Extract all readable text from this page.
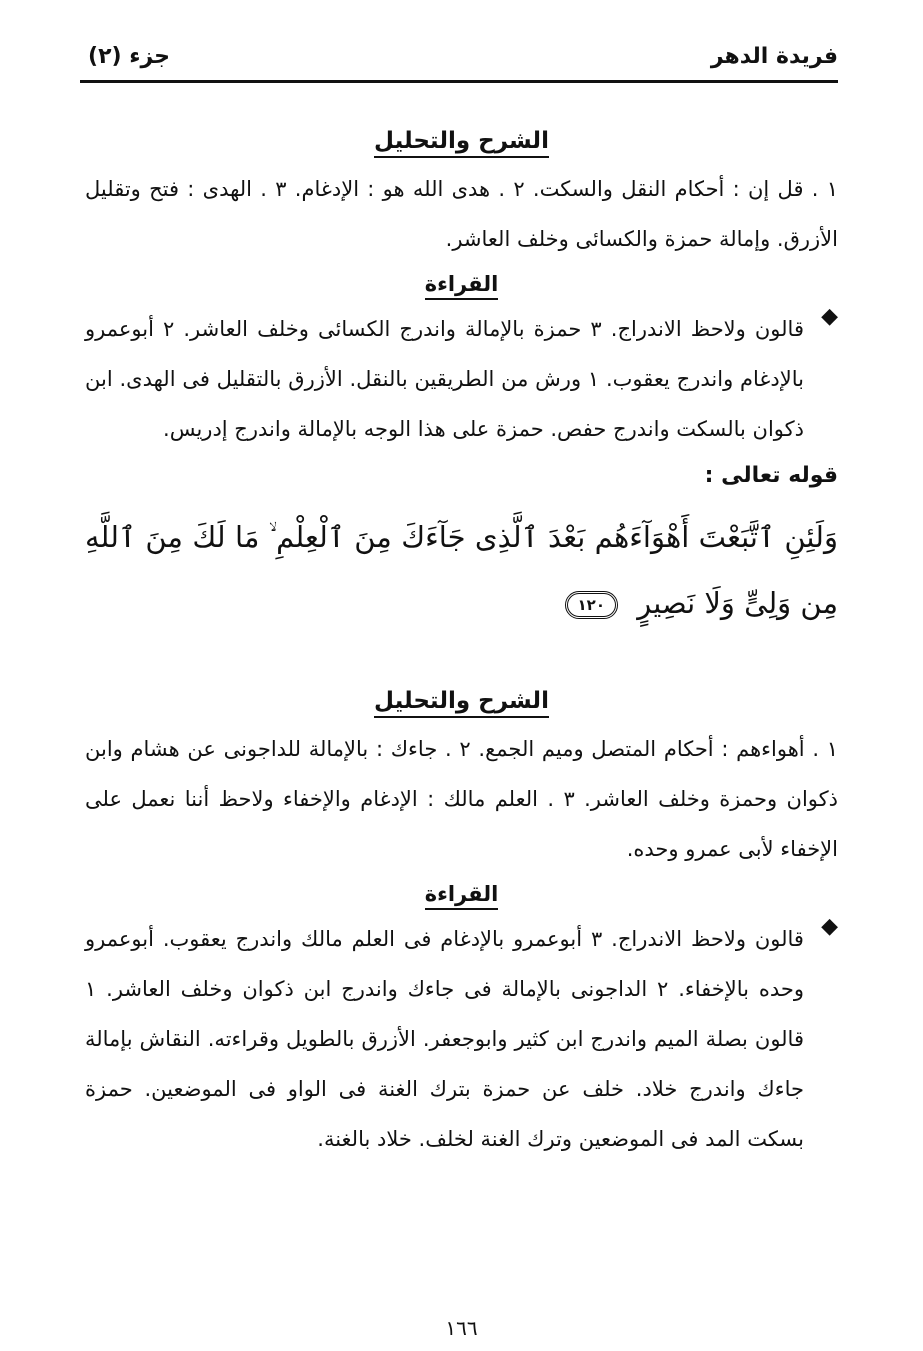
فريدة الدهر
جزء (٢)
الشرح والتحليل

١ . قل إن : أحكام النقل والسكت. ٢ . هدى الله هو : الإدغام. ٣ . الهدى : فتح وتقليل الأزرق. وإمالة حمزة والكسائى وخلف العاشر.

القراءة
◆

قالون ولاحظ الاندراج. ٣ حمزة بالإمالة واندرج الكسائى وخلف العاشر. ٢ أبوعمرو بالإدغام واندرج يعقوب. ١ ورش من الطريقين بالنقل. الأزرق بالتقليل فى الهدى. ابن ذكوان بالسكت واندرج حفص. حمزة على هذا الوجه بالإمالة واندرج إدريس.

قوله تعالى :
وَلَئِنِ ٱتَّبَعْتَ أَهْوَآءَهُم بَعْدَ ٱلَّذِى جَآءَكَ مِنَ ٱلْعِلْمِ ۙ مَا لَكَ مِنَ ٱللَّهِ مِن وَلِىٍّ وَلَا نَصِيرٍ ١٢٠
الشرح والتحليل

١ . أهواءهم : أحكام المتصل وميم الجمع. ٢ . جاءك : بالإمالة للداجونى عن هشام وابن ذكوان وحمزة وخلف العاشر. ٣ . العلم مالك : الإدغام والإخفاء ولاحظ أننا نعمل على الإخفاء لأبى عمرو وحده.

القراءة
◆

قالون ولاحظ الاندراج. ٣ أبوعمرو بالإدغام فى العلم مالك واندرج يعقوب. أبوعمرو وحده بالإخفاء. ٢ الداجونى بالإمالة فى جاءك واندرج ابن ذكوان وخلف العاشر. ١ قالون بصلة الميم واندرج ابن كثير وابوجعفر. الأزرق بالطويل وقراءته. النقاش بإمالة جاءك واندرج خلاد. خلف عن حمزة بترك الغنة فى الواو فى الموضعين. حمزة بسكت المد فى الموضعين وترك الغنة لخلف. خلاد بالغنة.

١٦٦
